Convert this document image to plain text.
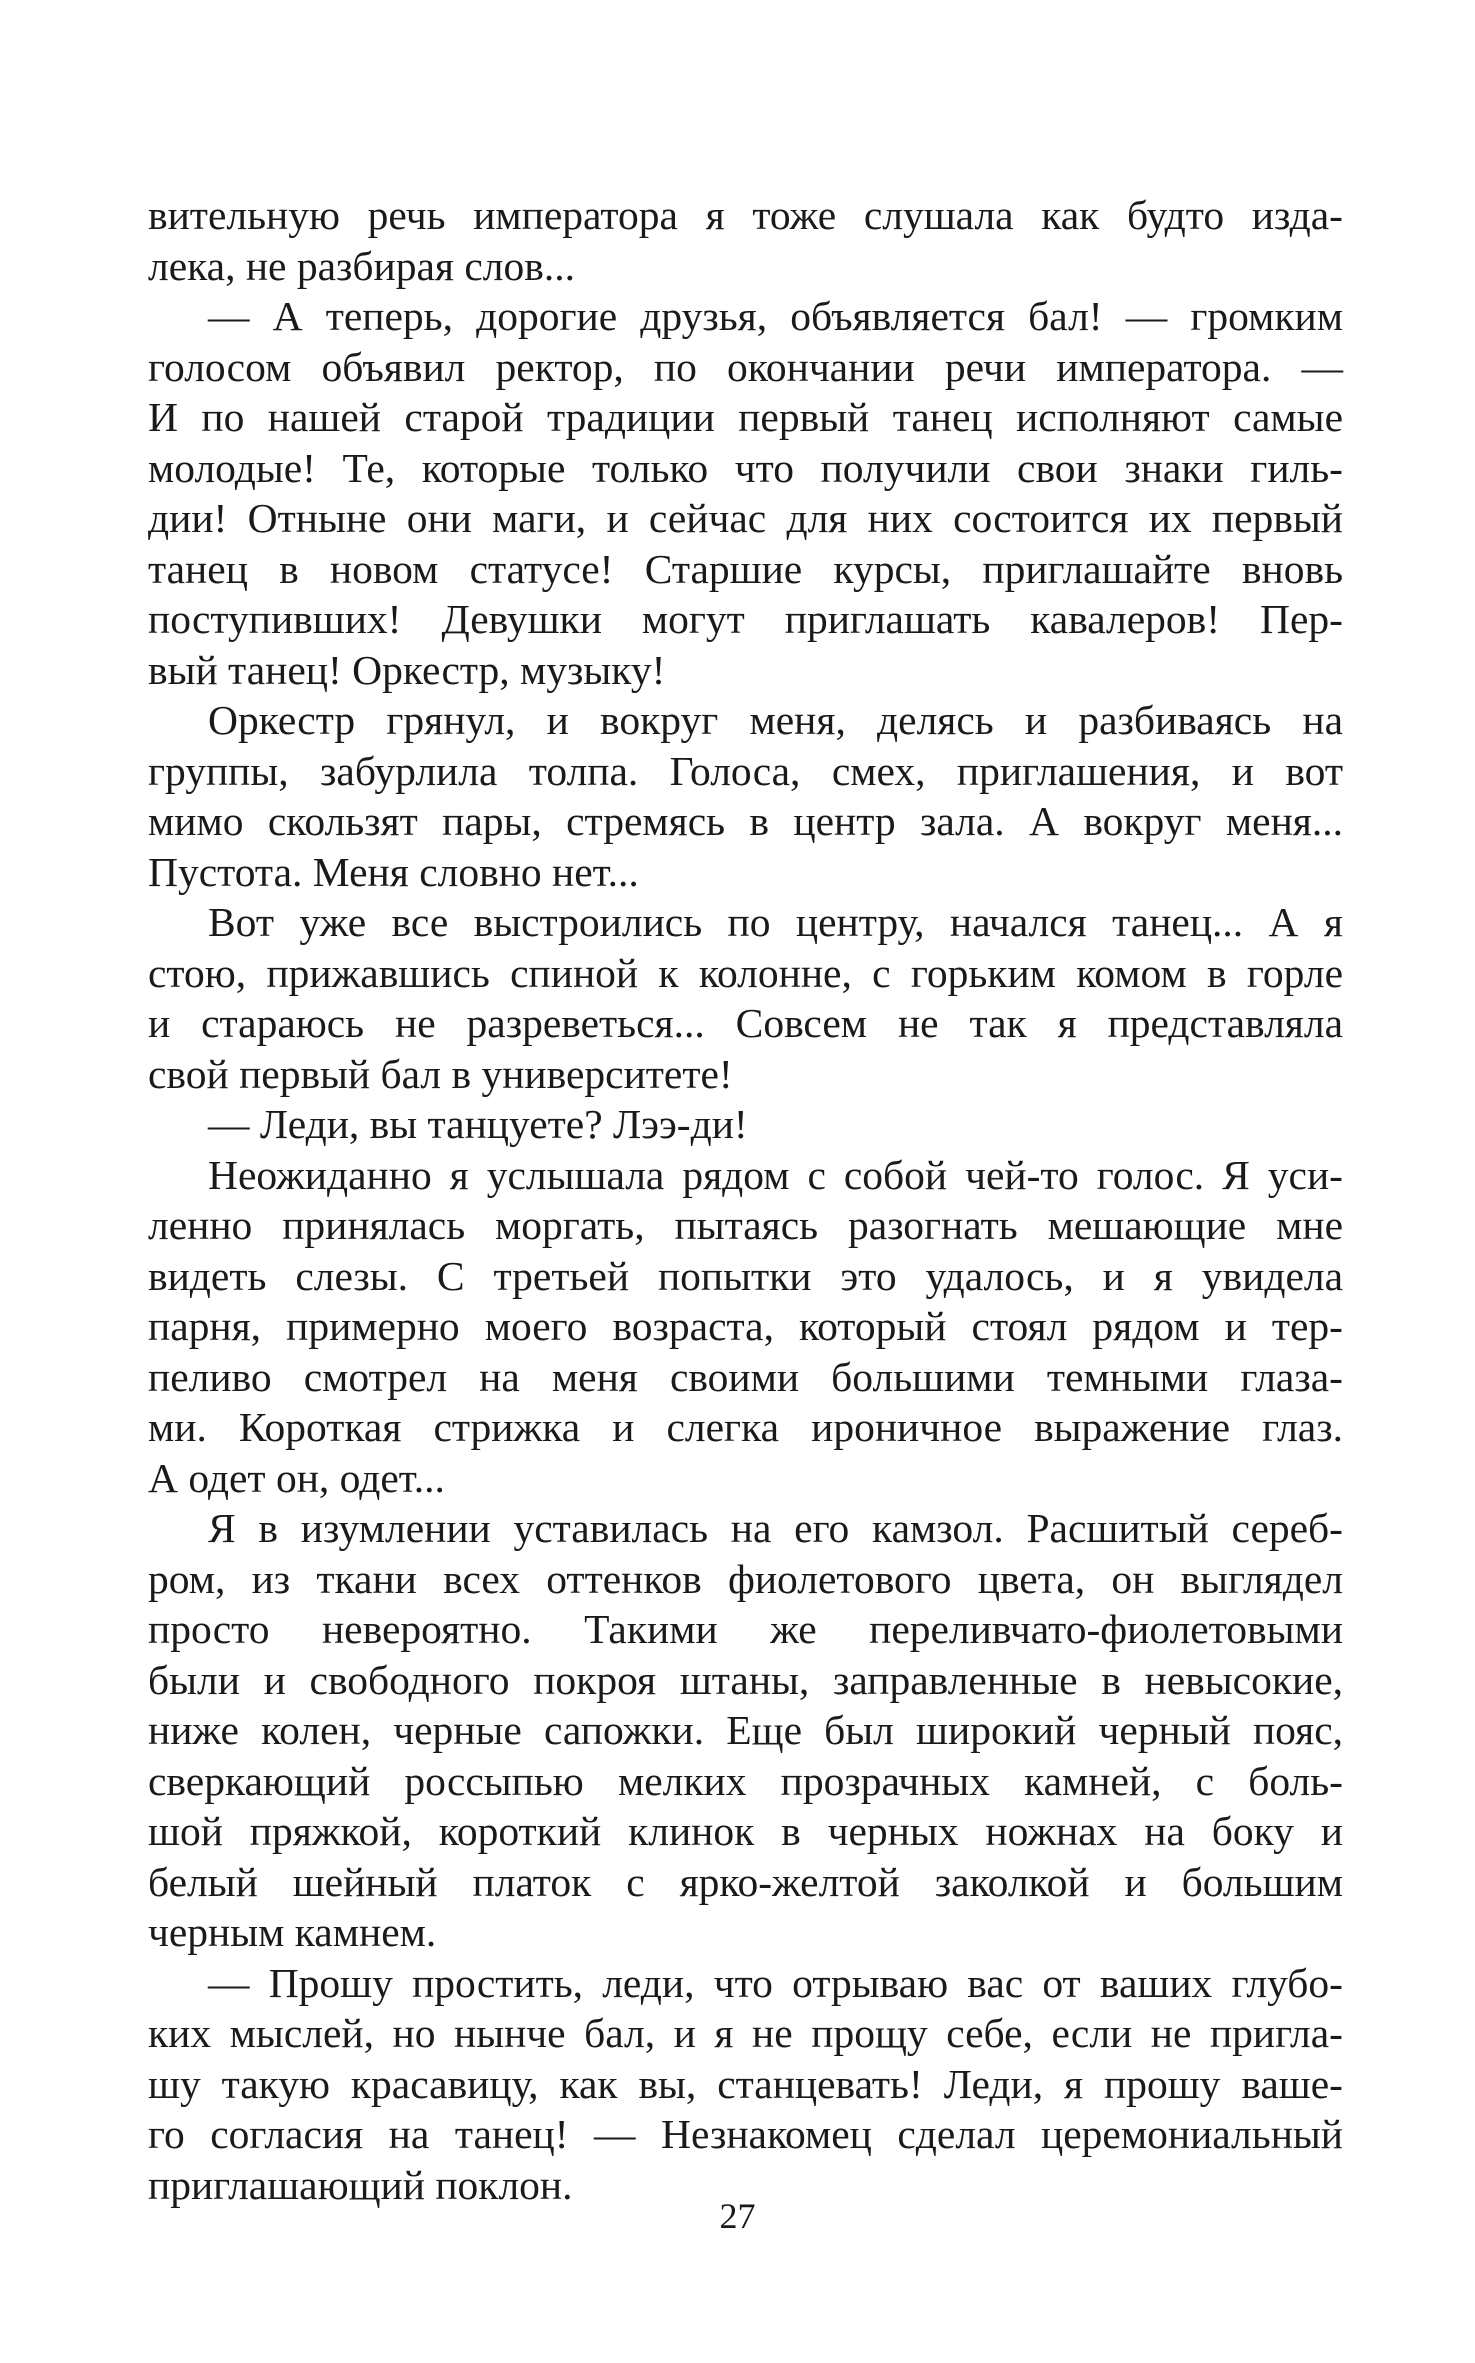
вительную речь императора я тоже слушала как будто изда-
лека, не разбирая слов...
— А теперь, дорогие друзья, объявляется бал! — громким
голосом объявил ректор, по окончании речи императора. —
И по нашей старой традиции первый танец исполняют самые
молодые! Те, которые только что получили свои знаки гиль-
дии! Отныне они маги, и сейчас для них состоится их первый
танец в новом статусе! Старшие курсы, приглашайте вновь
поступивших! Девушки могут приглашать кавалеров! Пер-
вый танец! Оркестр, музыку!
Оркестр грянул, и вокруг меня, делясь и разбиваясь на
группы, забурлила толпа. Голоса, смех, приглашения, и вот
мимо скользят пары, стремясь в центр зала. А вокруг меня...
Пустота. Меня словно нет...
Вот уже все выстроились по центру, начался танец... А я
стою, прижавшись спиной к колонне, с горьким комом в горле
и стараюсь не разреветься... Совсем не так я представляла
свой первый бал в университете!
— Леди, вы танцуете? Лээ-ди!
Неожиданно я услышала рядом с собой чей-то голос. Я уси-
ленно принялась моргать, пытаясь разогнать мешающие мне
видеть слезы. С третьей попытки это удалось, и я увидела
парня, примерно моего возраста, который стоял рядом и тер-
пеливо смотрел на меня своими большими темными глаза-
ми. Короткая стрижка и слегка ироничное выражение глаз.
А одет он, одет...
Я в изумлении уставилась на его камзол. Расшитый сереб-
ром, из ткани всех оттенков фиолетового цвета, он выглядел
просто невероятно. Такими же переливчато-фиолетовыми
были и свободного покроя штаны, заправленные в невысокие,
ниже колен, черные сапожки. Еще был широкий черный пояс,
сверкающий россыпью мелких прозрачных камней, с боль-
шой пряжкой, короткий клинок в черных ножнах на боку и
белый шейный платок с ярко-желтой заколкой и большим
черным камнем.
— Прошу простить, леди, что отрываю вас от ваших глубо-
ких мыслей, но нынче бал, и я не прощу себе, если не пригла-
шу такую красавицу, как вы, станцевать! Леди, я прошу ваше-
го согласия на танец! — Незнакомец сделал церемониальный
приглашающий поклон.
27
